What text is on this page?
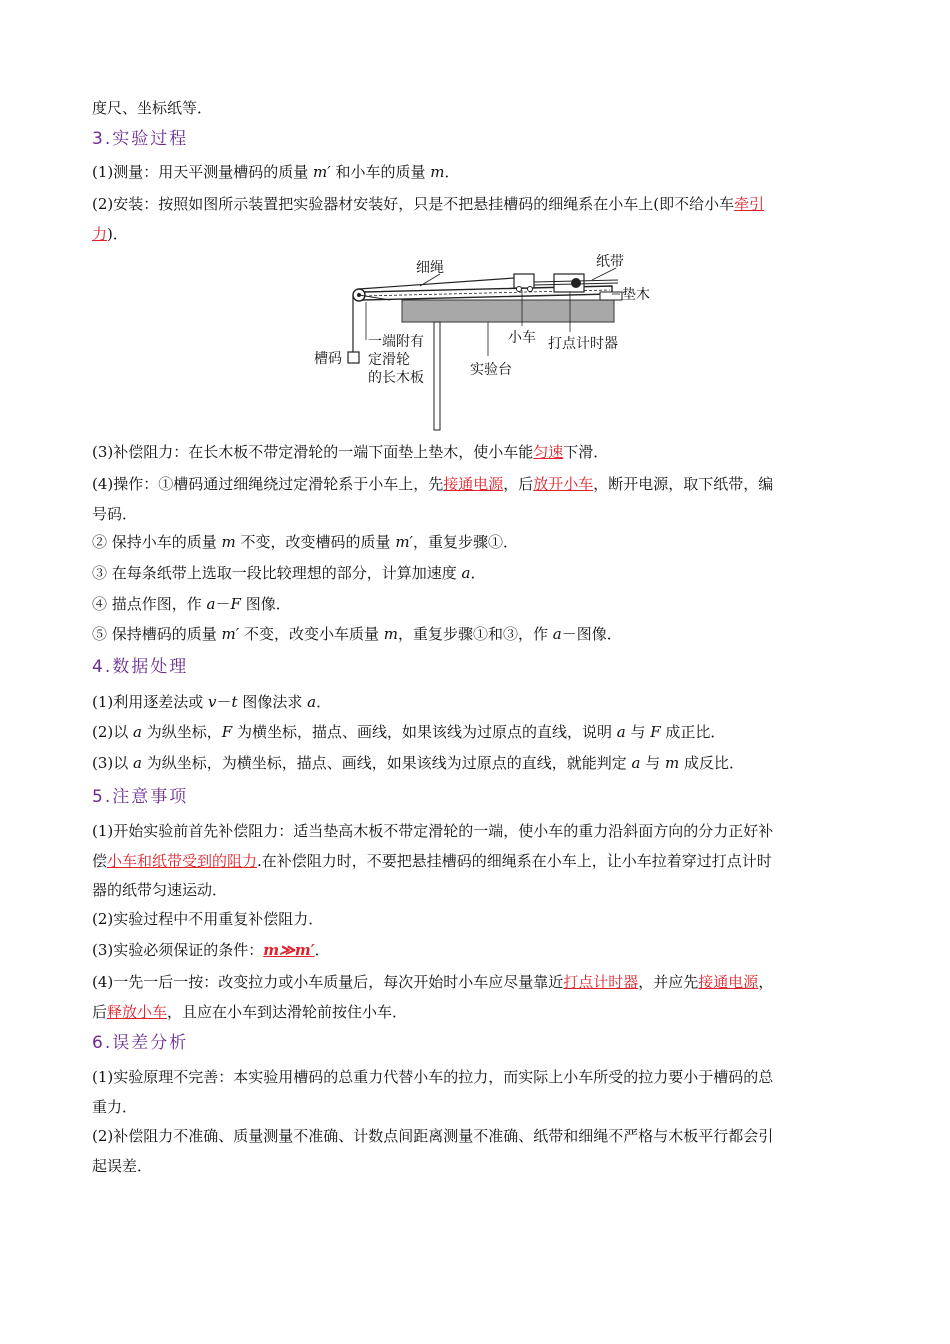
度尺、坐标纸等．
3.实验过程
(1)测量：用天平测量槽码的质量 m′ 和小车的质量 m．
(2)安装：按照如图所示装置把实验器材安装好，只是不把悬挂槽码的细绳系在小车上(即不给小车牵引
力)．
细绳	纸带
垫木
槽码
一端附有
定滑轮
的长木板
小车 打点计时器
实验台
(3)补偿阻力：在长木板不带定滑轮的一端下面垫上垫木，使小车能匀速下滑．
(4)操作：①槽码通过细绳绕过定滑轮系于小车上，先接通电源，后放开小车，断开电源，取下纸带，编
号码．
② 保持小车的质量 m 不变，改变槽码的质量 m′，重复步骤①．
③ 在每条纸带上选取一段比较理想的部分，计算加速度 a．
④ 描点作图，作 a－F 图像．
⑤ 保持槽码的质量 m′ 不变，改变小车质量 m，重复步骤①和③，作 a－图像．
4.数据处理
(1)利用逐差法或 v－t 图像法求 a．
(2)以 a 为纵坐标，F 为横坐标，描点、画线，如果该线为过原点的直线，说明 a 与 F 成正比．
(3)以 a 为纵坐标，为横坐标，描点、画线，如果该线为过原点的直线，就能判定 a 与 m 成反比．
5.注意事项
(1)开始实验前首先补偿阻力：适当垫高木板不带定滑轮的一端，使小车的重力沿斜面方向的分力正好补
偿小车和纸带受到的阻力.在补偿阻力时，不要把悬挂槽码的细绳系在小车上，让小车拉着穿过打点计时
器的纸带匀速运动．
(2)实验过程中不用重复补偿阻力．
(3)实验必须保证的条件：m≫m′．
(4)一先一后一按：改变拉力或小车质量后，每次开始时小车应尽量靠近打点计时器，并应先接通电源，
后释放小车，且应在小车到达滑轮前按住小车．
6.误差分析
(1)实验原理不完善：本实验用槽码的总重力代替小车的拉力，而实际上小车所受的拉力要小于槽码的总
重力．
(2)补偿阻力不准确、质量测量不准确、计数点间距离测量不准确、纸带和细绳不严格与木板平行都会引
起误差．
